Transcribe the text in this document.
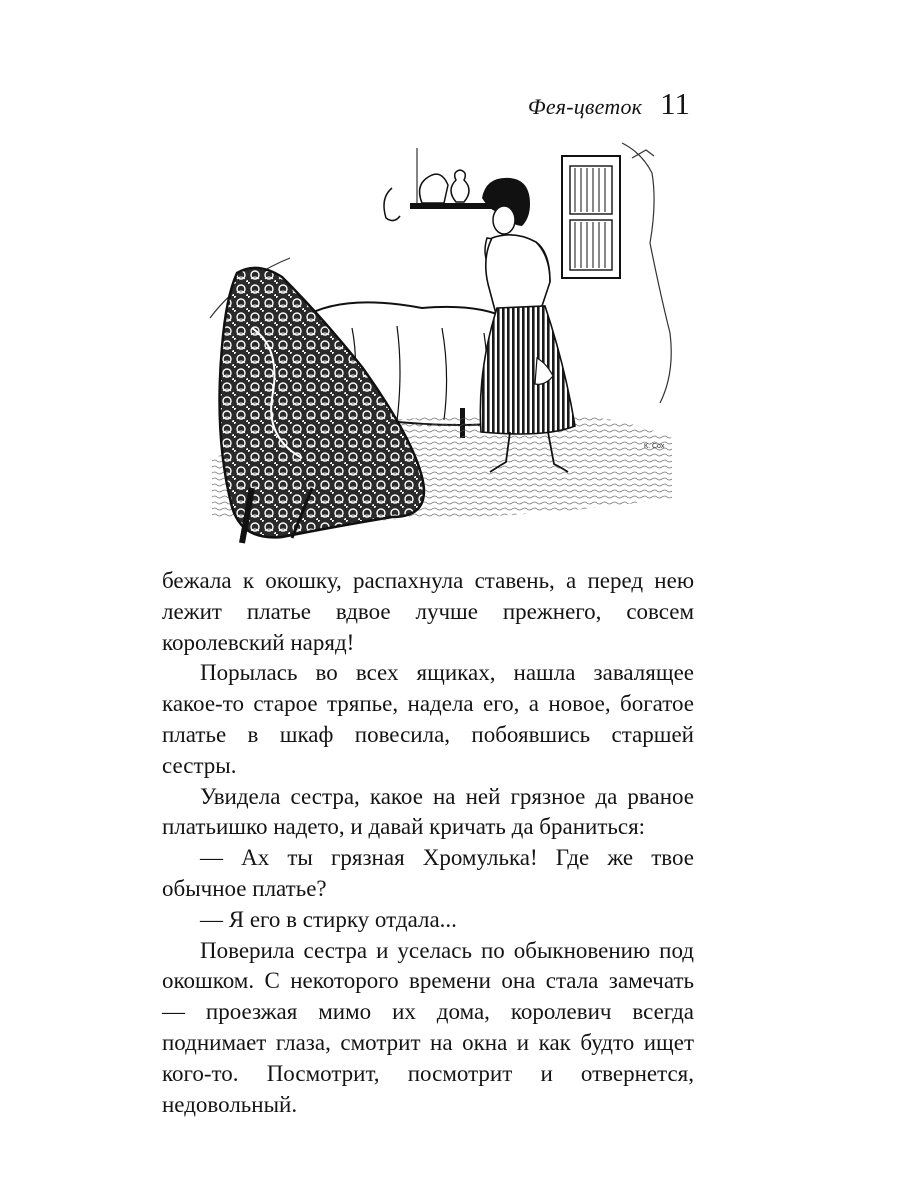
Фея-цветок 11
К. Сох

бежала к окошку, распахнула ставень, а перед нею лежит платье вдвое лучше прежнего, совсем королевский наряд!

Порылась во всех ящиках, нашла завалящее какое-то старое тряпье, надела его, а новое, богатое платье в шкаф повесила, побоявшись старшей сестры.

Увидела сестра, какое на ней грязное да рваное платьишко надето, и давай кричать да браниться:

— Ах ты грязная Хромулька! Где же твое обычное платье?

— Я его в стирку отдала...

Поверила сестра и уселась по обыкновению под окошком. С некоторого времени она стала замечать — проезжая мимо их дома, королевич всегда поднимает глаза, смотрит на окна и как будто ищет кого-то. Посмотрит, посмотрит и отвернется, недовольный.
